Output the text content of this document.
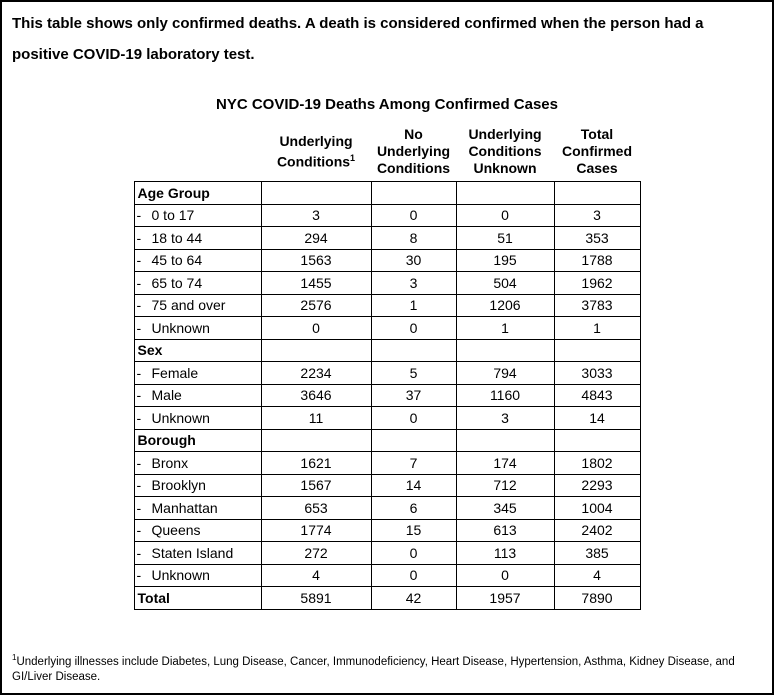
This table shows only confirmed deaths. A death is considered confirmed when the person had a positive COVID-19 laboratory test.

NYC COVID-19 Deaths Among Confirmed Cases
	Underlying Conditions$^1$	No Underlying Conditions	Underlying Conditions Unknown	Total Confirmed Cases
Age Group				
- 0 to 17	3	0	0	3
- 18 to 44	294	8	51	353
- 45 to 64	1563	30	195	1788
- 65 to 74	1455	3	504	1962
- 75 and over	2576	1	1206	3783
- Unknown	0	0	1	1
Sex				
- Female	2234	5	794	3033
- Male	3646	37	1160	4843
- Unknown	11	0	3	14
Borough				
- Bronx	1621	7	174	1802
- Brooklyn	1567	14	712	2293
- Manhattan	653	6	345	1004
- Queens	1774	15	613	2402
- Staten Island	272	0	113	385
- Unknown	4	0	0	4
Total	5891	42	1957	7890

$^1$Underlying illnesses include Diabetes, Lung Disease, Cancer, Immunodeficiency, Heart Disease, Hypertension, Asthma, Kidney Disease, and GI/Liver Disease.
